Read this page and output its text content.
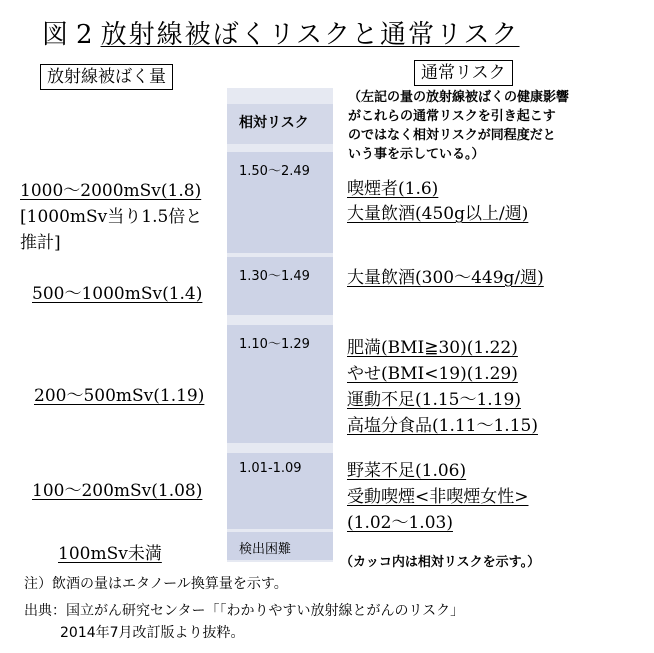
図 2 放射線被ばくリスクと通常リスク
放射線被ばく量	通常リスク
（左記の量の放射線被ばくの健康影響
がこれらの通常リスクを引き起こす
のではなく相対リスクが同程度だと
いう事を示している。）
相対リスク
1.50～2.49
1.30～1.49
1.10～1.29
1.01-1.09
検出困難
1000～2000mSv(1.8)
[1000mSv当り1.5倍と
推計]
500～1000mSv(1.4)
200～500mSv(1.19)
100～200mSv(1.08)
100mSv未満
喫煙者(1.6)
大量飲酒(450g以上/週)
大量飲酒(300～449g/週)
肥満(BMI≧30)(1.22)
やせ(BMI<19)(1.29)
運動不足(1.15～1.19)
高塩分食品(1.11～1.15)
野菜不足(1.06)
受動喫煙<非喫煙女性>
(1.02～1.03)
（カッコ内は相対リスクを示す。）
注）飲酒の量はエタノール換算量を示す。
出典：国立がん研究センター「「わかりやすい放射線とがんのリスク」
2014年7月改訂版より抜粋。
